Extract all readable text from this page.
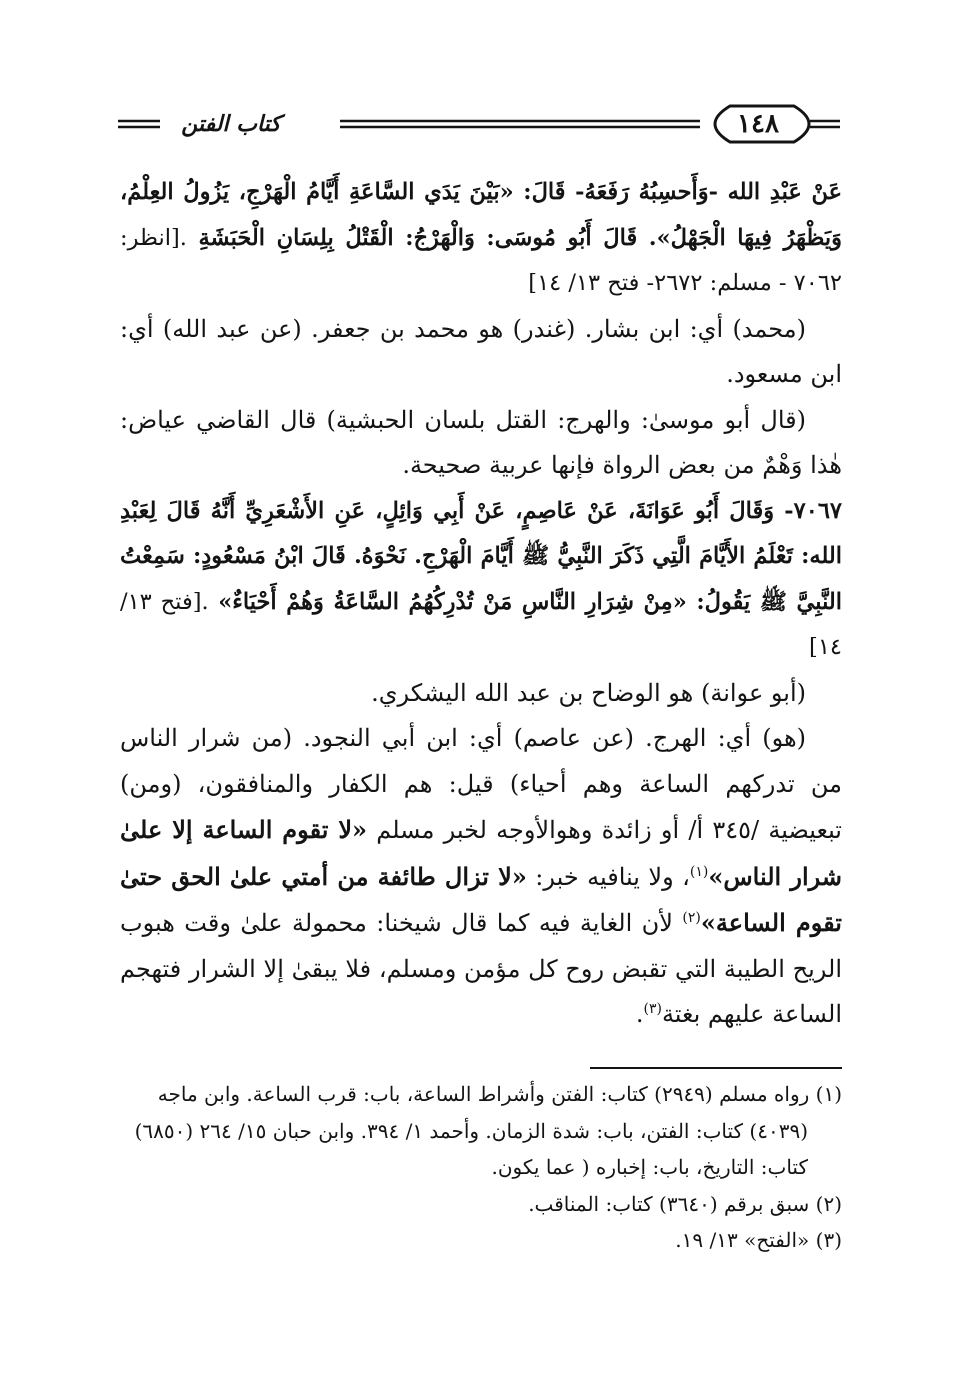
١٤٨
كتاب الفتن

عَنْ عَبْدِ الله -وَأَحسِبُهُ رَفَعَهُ- قَالَ: «بَيْنَ يَدَي السَّاعَةِ أَيَّامُ الْهَرْجِ، يَزُولُ العِلْمُ، وَيَظْهَرُ فِيهَا الْجَهْلُ». قَالَ أَبُو مُوسَى: وَالْهَرْجُ: الْقَتْلُ بِلِسَانِ الْحَبَشَةِ .[انظر: ٧٠٦٢ - مسلم: ٢٦٧٢- فتح ١٣/ ١٤]

(محمد) أي: ابن بشار. (غندر) هو محمد بن جعفر. (عن عبد الله) أي: ابن مسعود.

(قال أبو موسىٰ: والهرج: القتل بلسان الحبشية) قال القاضي عياض: هٰذا وَهْمٌ من بعض الرواة فإنها عربية صحيحة.

٧٠٦٧- وَقَالَ أَبُو عَوَانَةَ، عَنْ عَاصِمٍ، عَنْ أَبِي وَائِلٍ، عَنِ الأَشْعَرِيِّ أَنَّهُ قَالَ لِعَبْدِ الله: تَعْلَمُ الأَيَّامَ الَّتِي ذَكَرَ النَّبِيُّ ﷺ أَيَّامَ الْهَرْجِ. نَحْوَهُ. قَالَ ابْنُ مَسْعُودٍ: سَمِعْتُ النَّبِيَّ ﷺ يَقُولُ: «مِنْ شِرَارِ النَّاسِ مَنْ تُدْرِكُهُمُ السَّاعَةُ وَهُمْ أَحْيَاءٌ» .[فتح ١٣/ ١٤]

(أبو عوانة) هو الوضاح بن عبد الله اليشكري.

(هو) أي: الهرج. (عن عاصم) أي: ابن أبي النجود. (من شرار الناس من تدركهم الساعة وهم أحياء) قيل: هم الكفار والمنافقون، (ومن) تبعيضية /٣٤٥ أ/ أو زائدة وهوالأوجه لخبر مسلم «لا تقوم الساعة إلا علىٰ شرار الناس»$^{(١)}$، ولا ينافيه خبر: «لا تزال طائفة من أمتي علىٰ الحق حتىٰ تقوم الساعة»$^{(٢)}$ لأن الغاية فيه كما قال شيخنا: محمولة علىٰ وقت هبوب الريح الطيبة التي تقبض روح كل مؤمن ومسلم، فلا يبقىٰ إلا الشرار فتهجم الساعة عليهم بغتة$^{(٣)}$.

(١) رواه مسلم (٢٩٤٩) كتاب: الفتن وأشراط الساعة، باب: قرب الساعة. وابن ماجه (٤٠٣٩) كتاب: الفتن، باب: شدة الزمان. وأحمد ١/ ٣٩٤. وابن حبان ١٥/ ٢٦٤ (٦٨٥٠) كتاب: التاريخ، باب: إخباره ( عما يكون.

(٢) سبق برقم (٣٦٤٠) كتاب: المناقب.

(٣) «الفتح» ١٣/ ١٩.
